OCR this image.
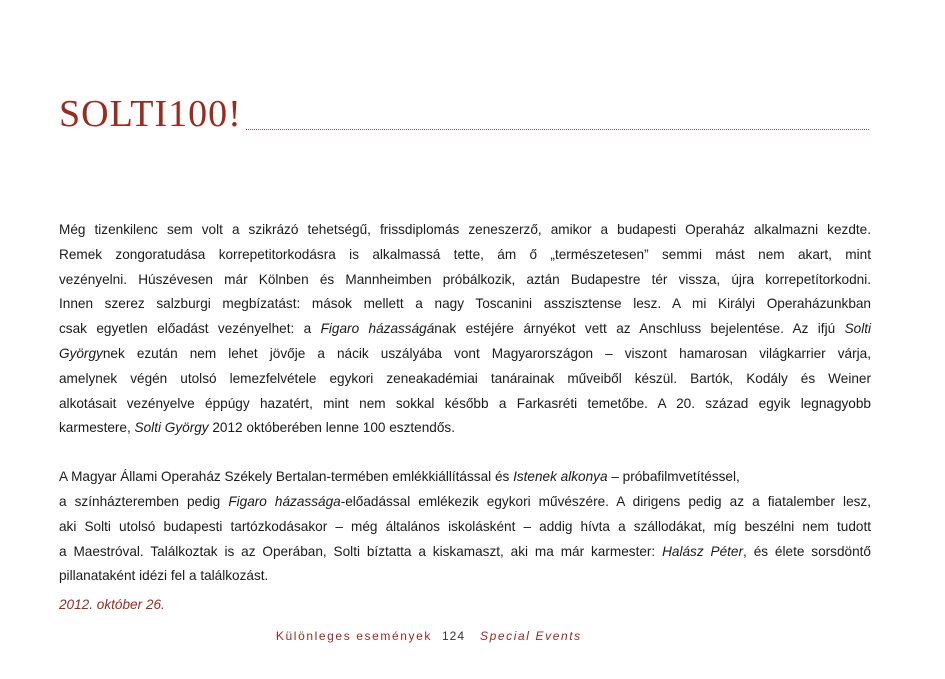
SOLTI100!

Még tizenkilenc sem volt a szikrázó tehetségű, frissdiplomás zeneszerző, amikor a budapesti Operaház alkalmazni kezdte.
Remek zongoratudása korrepetitorkodásra is alkalmassá tette, ám ő „természetesen” semmi mást nem akart, mint
vezényelni. Húszévesen már Kölnben és Mannheimben próbálkozik, aztán Budapestre tér vissza, újra korrepetítorkodni.
Innen szerez salzburgi megbízatást: mások mellett a nagy Toscanini asszisztense lesz. A mi Királyi Operaházunkban
csak egyetlen előadást vezényelhet: a Figaro házasságának estéjére árnyékot vett az Anschluss bejelentése. Az ifjú Solti
Györgynek ezután nem lehet jövője a nácik uszályába vont Magyarországon – viszont hamarosan világkarrier várja,
amelynek végén utolsó lemezfelvétele egykori zeneakadémiai tanárainak műveiből készül. Bartók, Kodály és Weiner
alkotásait vezényelve éppúgy hazatért, mint nem sokkal később a Farkasréti temetőbe. A 20. század egyik legnagyobb
karmestere, Solti György 2012 októberében lenne 100 esztendős.

A Magyar Állami Operaház Székely Bertalan-termében emlékkiállítással és Istenek alkonya – próbafilmvetítéssel,
a színházteremben pedig Figaro házassága-előadással emlékezik egykori művészére. A dirigens pedig az a fiatalember lesz,
aki Solti utolsó budapesti tartózkodásakor – még általános iskolásként – addig hívta a szállodákat, míg beszélni nem tudott
a Maestróval. Találkoztak is az Operában, Solti bíztatta a kiskamaszt, aki ma már karmester: Halász Péter, és élete sorsdöntő
pillanataként idézi fel a találkozást.

2012. október 26.
Különleges események 124 Special Events
